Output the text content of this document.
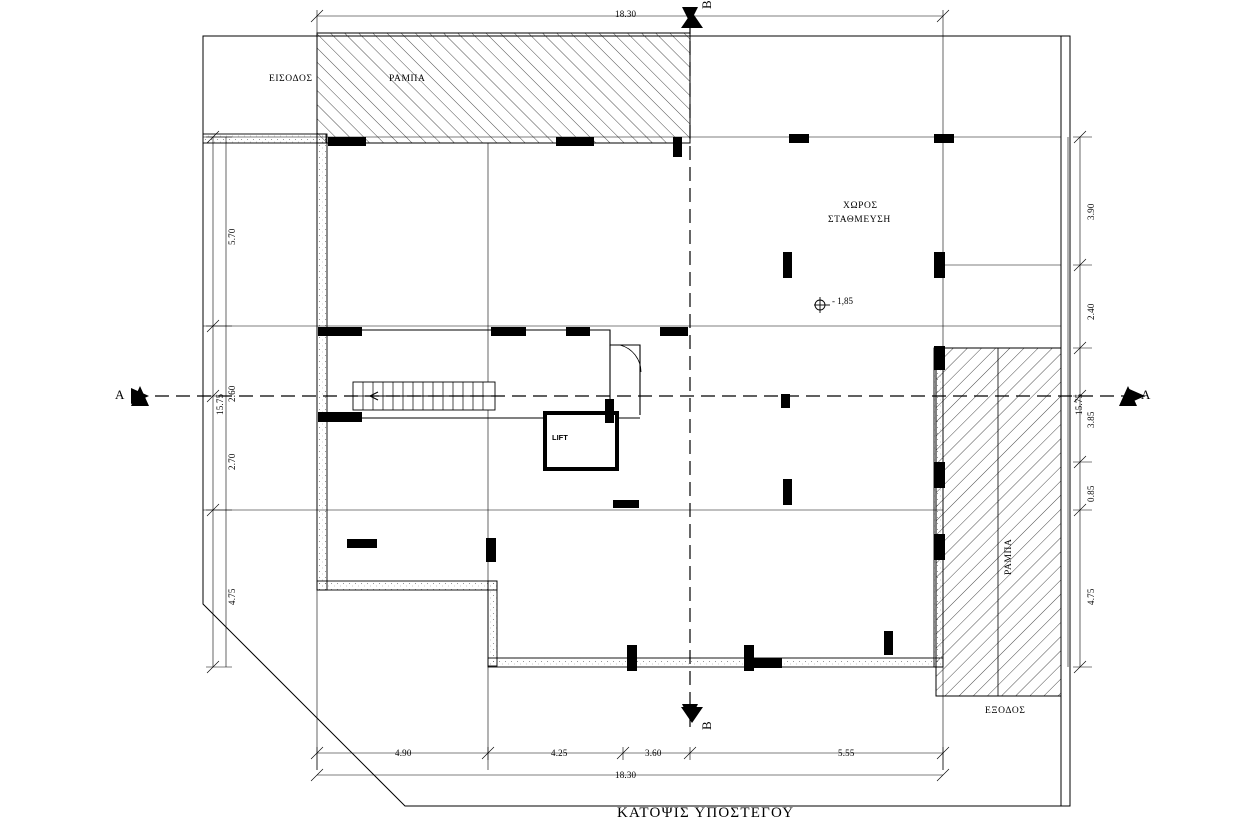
ΕΙΣΟΔΟΣ	ΡΑΜΠΑ
ΧΩΡΟΣ
ΣΤΑΘΜΕΥΣΗ
LIFT
ΡΑΜΠΑ
ΕΞΟΔΟΣ
- 1,85
A	A
B
B
18.30
4.90	4.25	3.60	5.55
18.30
5.70
2.60
2.70
4.75
15.75
3.90
2.40
3.85
0.85
4.75
15.75
ΚΑΤΟΨΙΣ ΥΠΟΣΤΕΓΟΥ
